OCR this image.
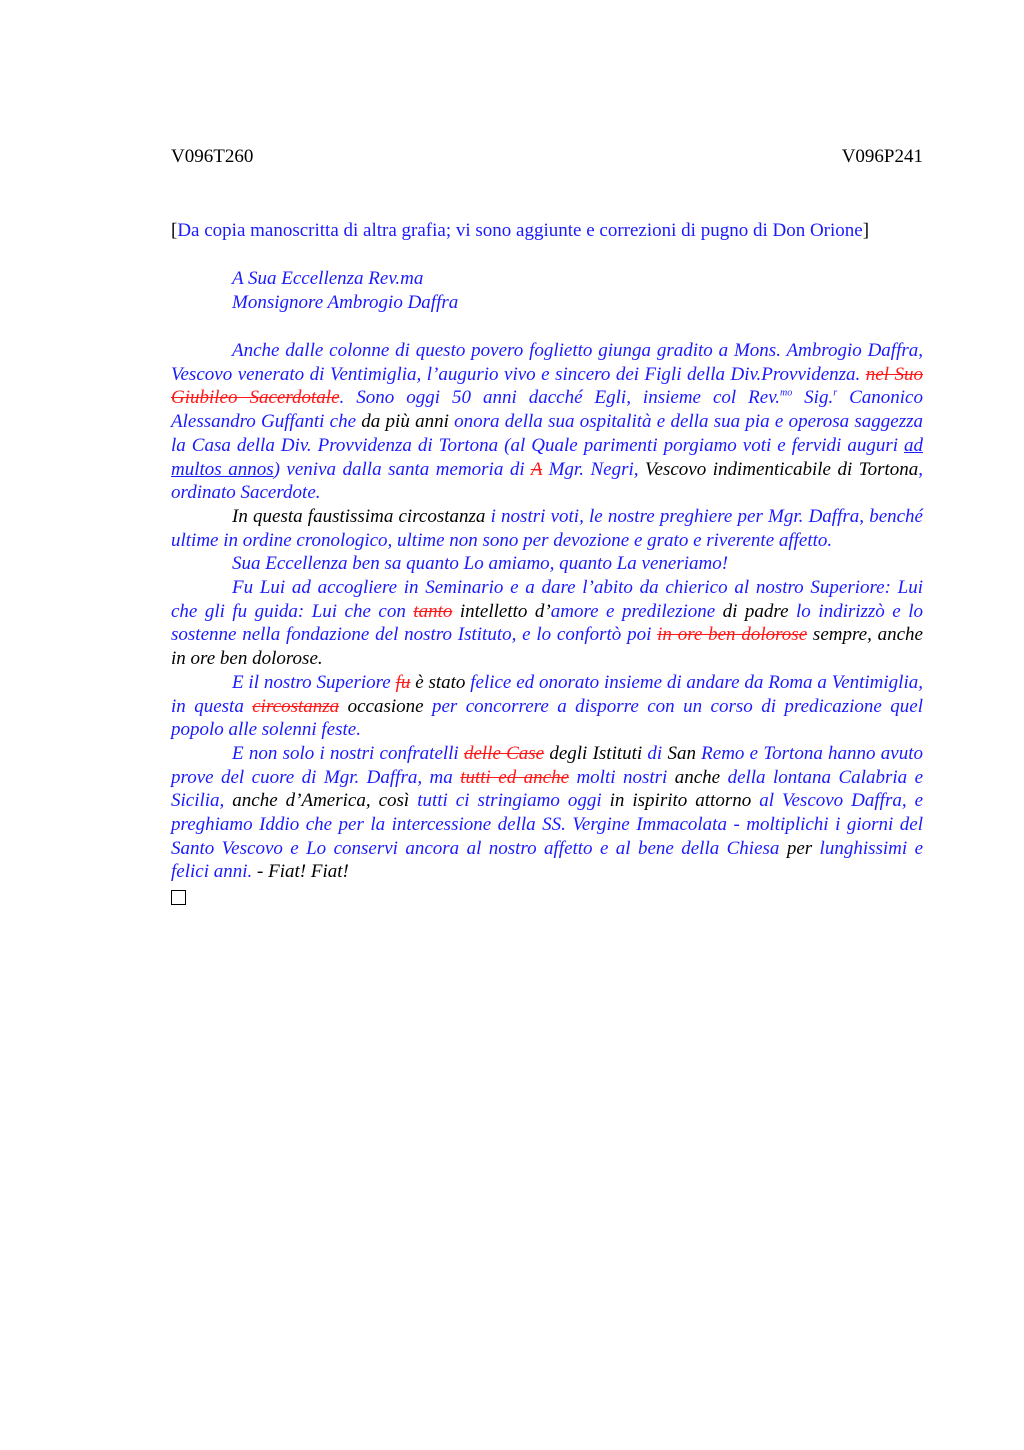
V096T260	V096P241
[Da copia manoscritta di altra grafia; vi sono aggiunte e correzioni di pugno di Don Orione]
A Sua Eccellenza Rev.ma
Monsignore Ambrogio Daffra

Anche dalle colonne di questo povero foglietto giunga gradito a Mons. Ambrogio Daffra, Vescovo venerato di Ventimiglia, l’augurio vivo e sincero dei Figli della Div.Provvidenza. nel Suo Giubileo Sacerdotale. Sono oggi 50 anni dacché Egli, insieme col Rev.$^{mo}$ Sig.$^r$ Canonico Alessandro Guffanti che da più anni onora della sua ospitalità e della sua pia e operosa saggezza la Casa della Div. Provvidenza di Tortona (al Quale parimenti porgiamo voti e fervidi auguri ad multos annos) veniva dalla santa memoria di A Mgr. Negri, Vescovo indimenticabile di Tortona, ordinato Sacerdote.

In questa faustissima circostanza i nostri voti, le nostre preghiere per Mgr. Daffra, benché ultime in ordine cronologico, ultime non sono per devozione e grato e riverente affetto.

Sua Eccellenza ben sa quanto Lo amiamo, quanto La veneriamo!

Fu Lui ad accogliere in Seminario e a dare l’abito da chierico al nostro Superiore: Lui che gli fu guida: Lui che con tanto intelletto d’amore e predilezione di padre lo indirizzò e lo sostenne nella fondazione del nostro Istituto, e lo confortò poi in ore ben dolorose sempre, anche in ore ben dolorose.

E il nostro Superiore fu è stato felice ed onorato insieme di andare da Roma a Ventimiglia, in questa circostanza occasione per concorrere a disporre con un corso di predicazione quel popolo alle solenni feste.

E non solo i nostri confratelli delle Case degli Istituti di San Remo e Tortona hanno avuto prove del cuore di Mgr. Daffra, ma tutti ed anche molti nostri anche della lontana Calabria e Sicilia, anche d’America, così tutti ci stringiamo oggi in ispirito attorno al Vescovo Daffra, e preghiamo Iddio che per la intercessione della SS. Vergine Immacolata - moltiplichi i giorni del Santo Vescovo e Lo conservi ancora al nostro affetto e al bene della Chiesa per lunghissimi e felici anni. - Fiat! Fiat!
